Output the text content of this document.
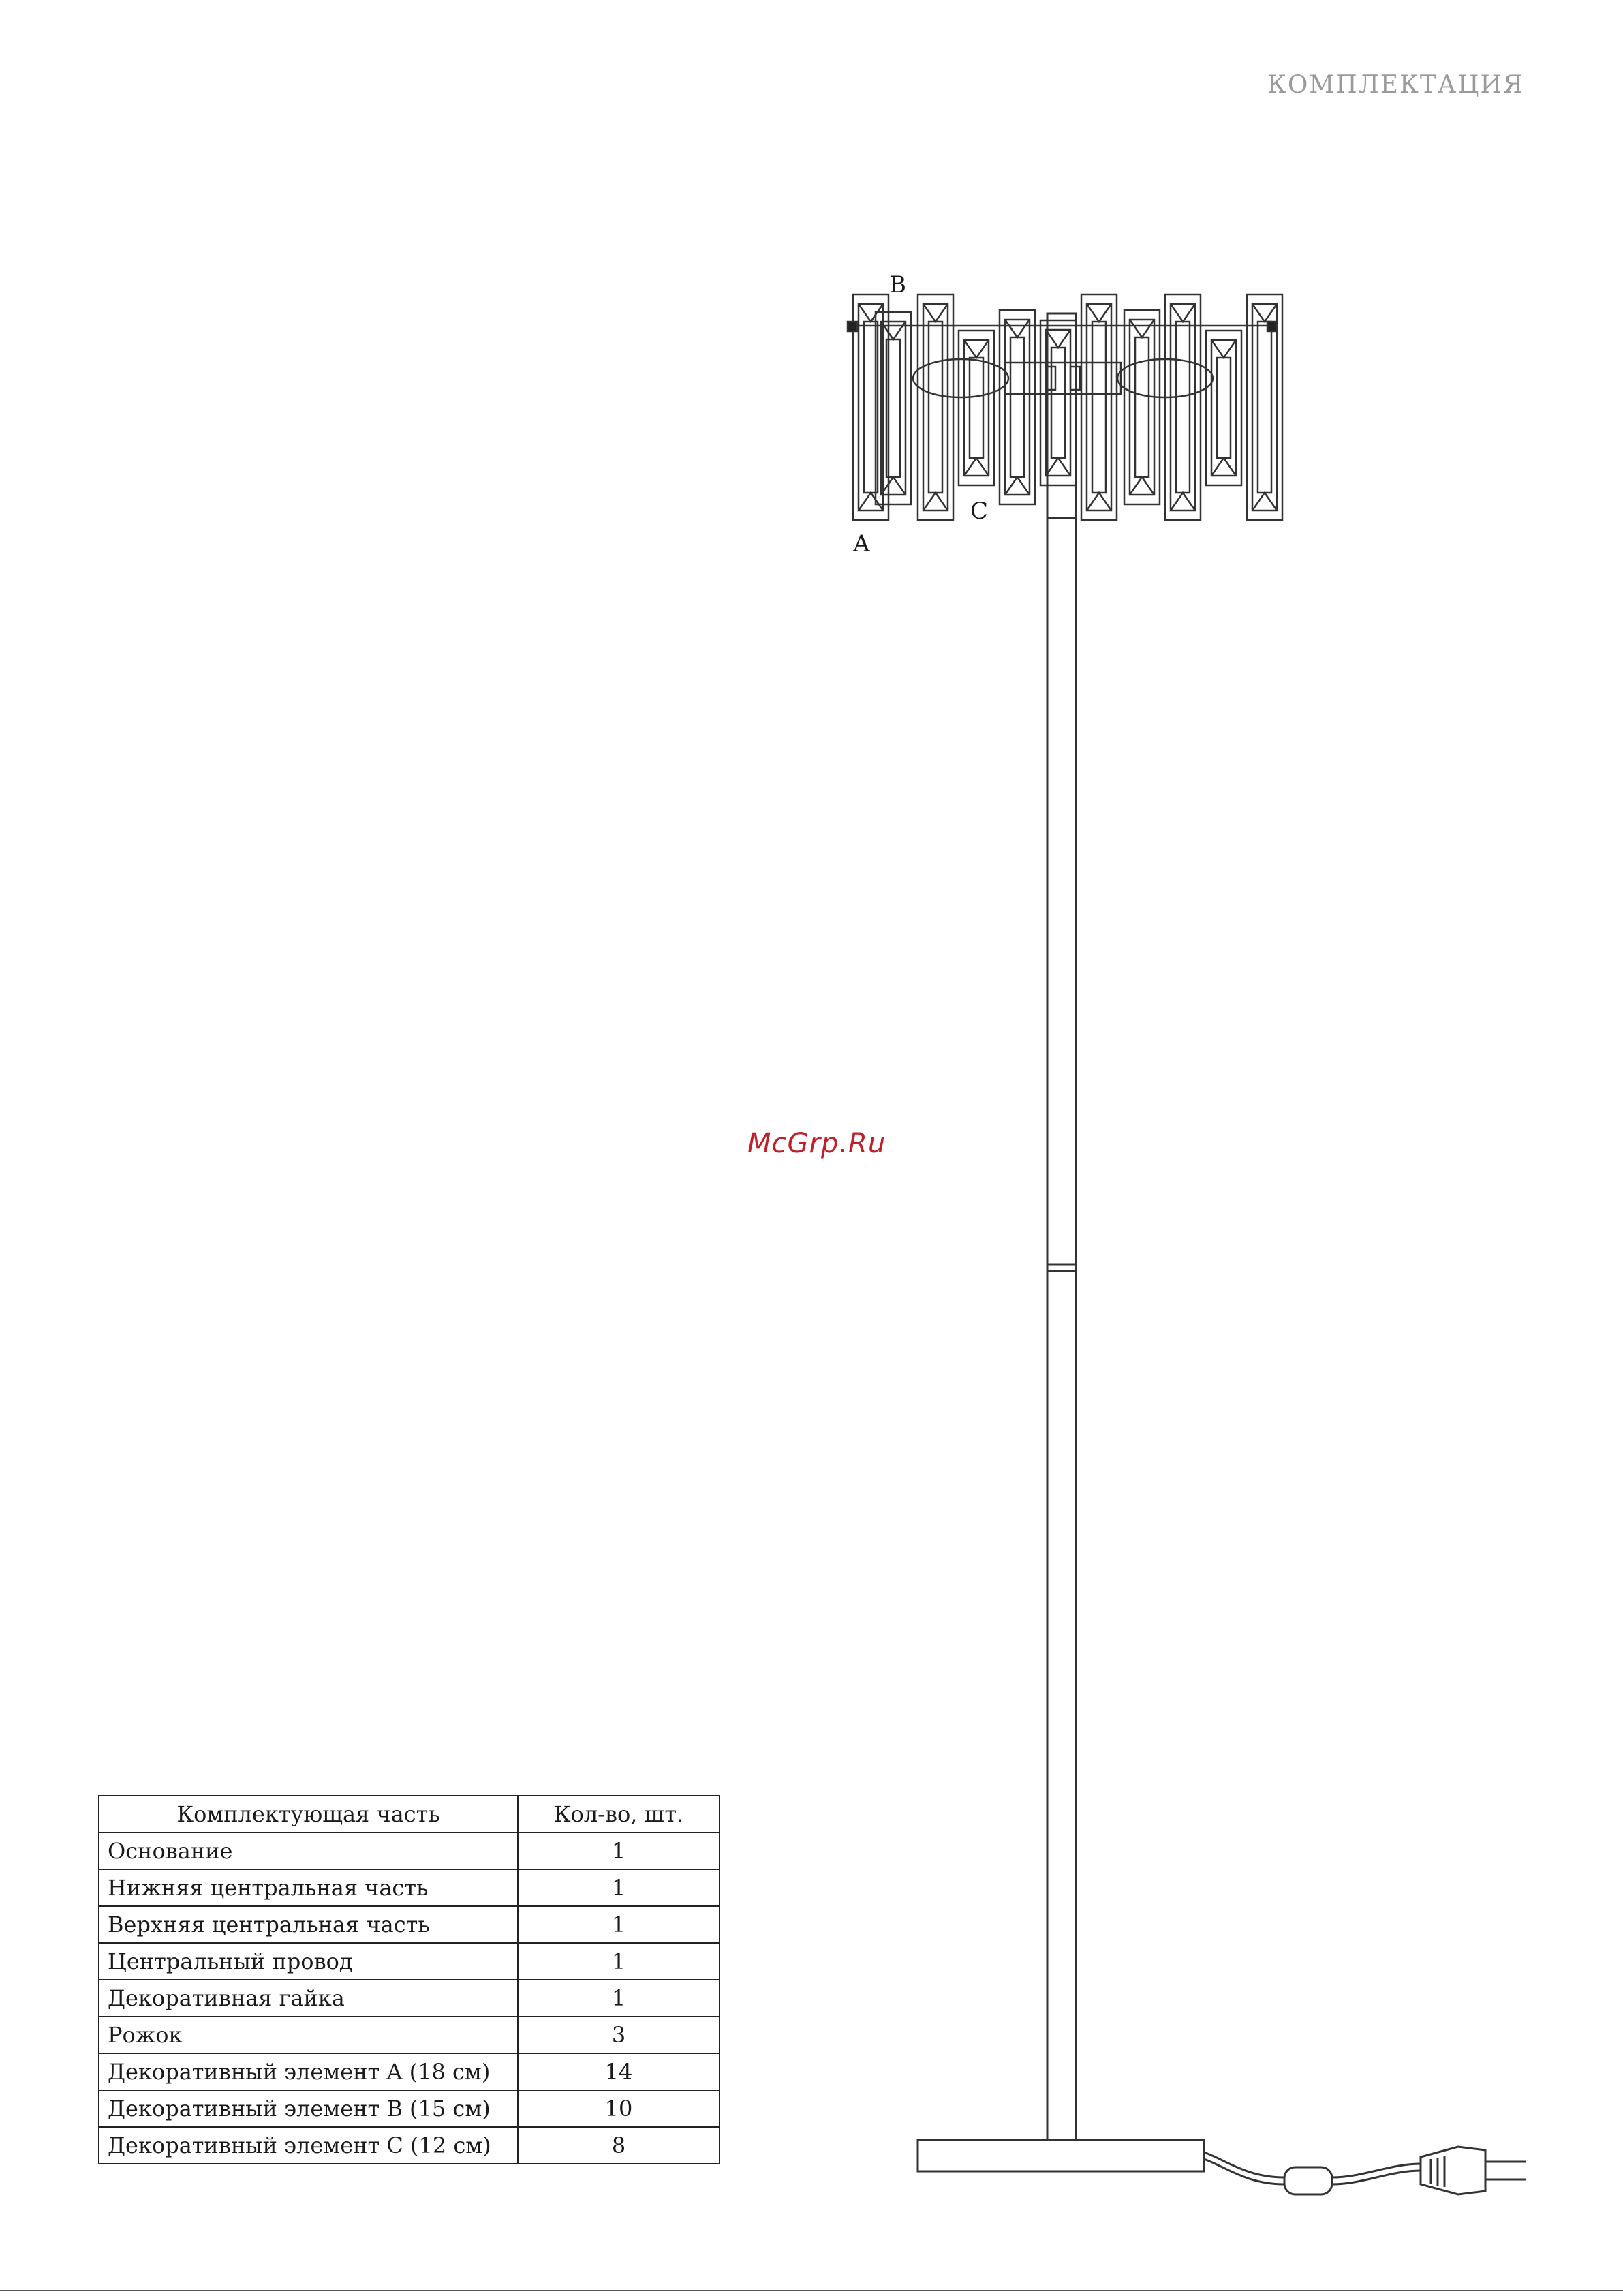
КОМПЛЕКТАЦИЯ
B
C
A
McGrp.Ru
Комплектующая часть	Кол-во, шт.
Основание	1
Нижняя центральная часть	1
Верхняя центральная часть	1
Центральный провод	1
Декоративная гайка	1
Рожок	3
Декоративный элемент A (18 см)	14
Декоративный элемент B (15 см)	10
Декоративный элемент C (12 см)	8
